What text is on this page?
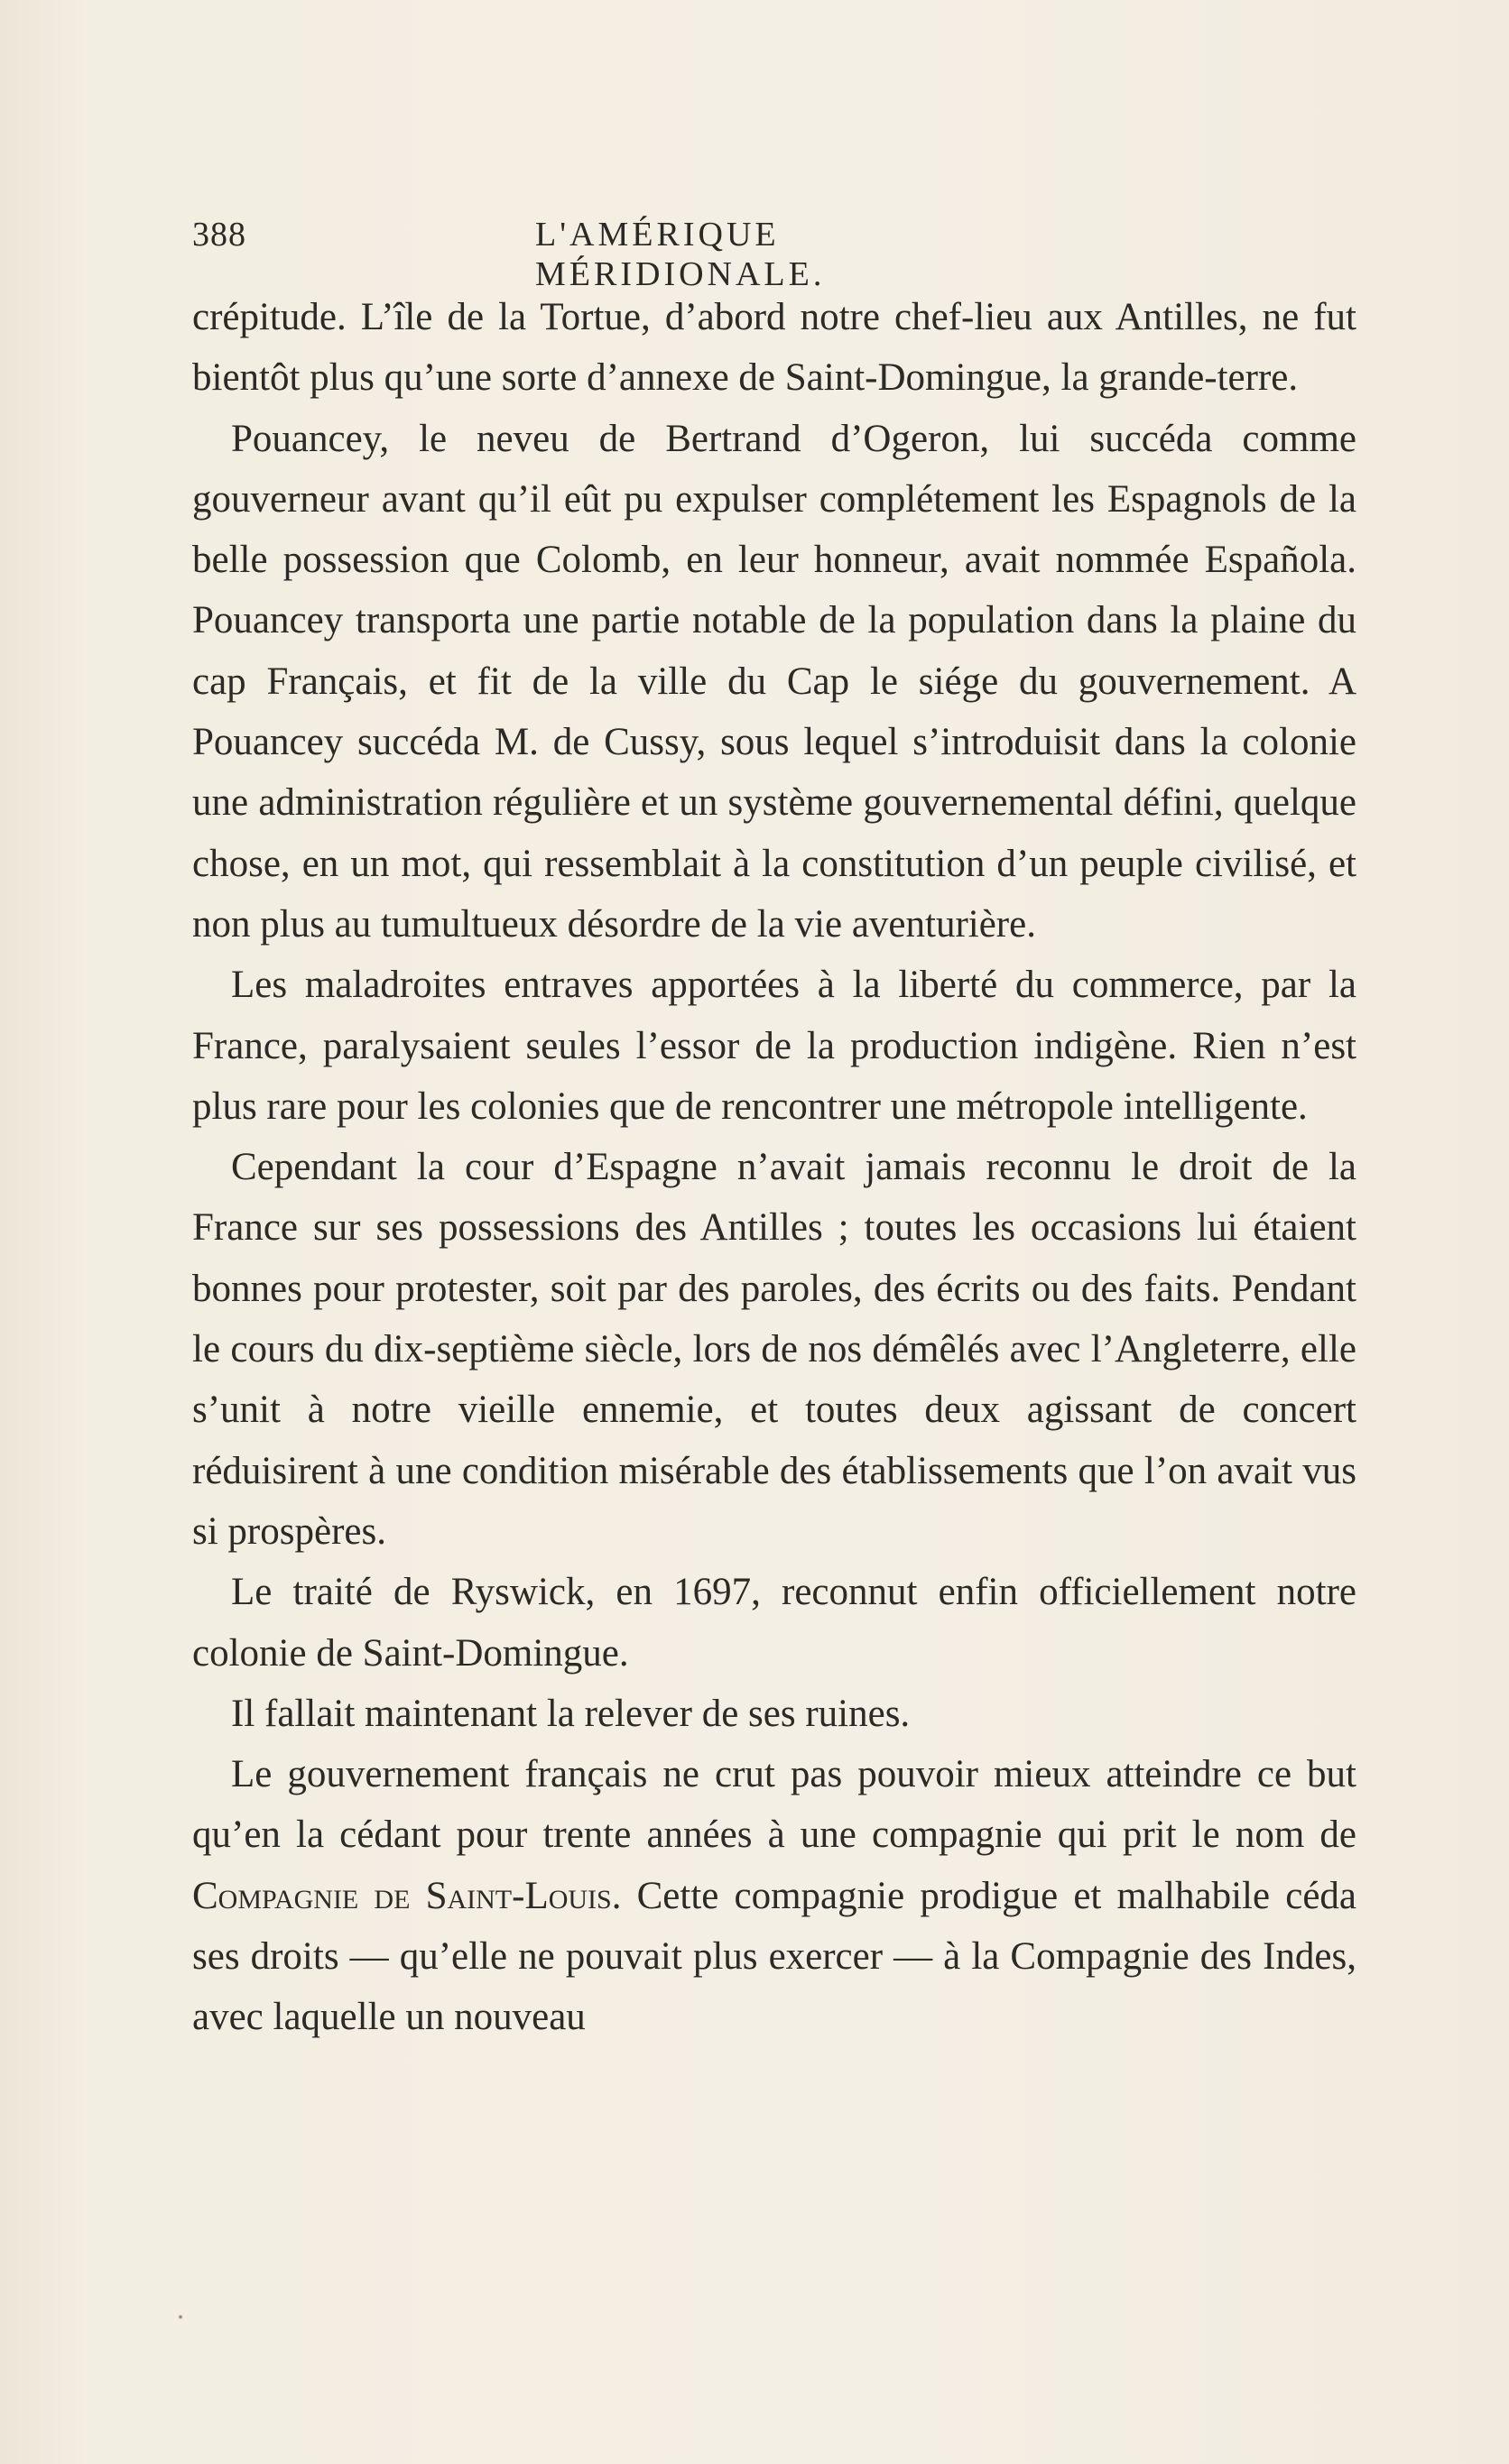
388	L'AMÉRIQUE MÉRIDIONALE.

crépitude. L’île de la Tortue, d’abord notre chef-lieu aux Antilles, ne fut bientôt plus qu’une sorte d’annexe de Saint-Domingue, la grande-terre.

Pouancey, le neveu de Bertrand d’Ogeron, lui succéda comme gouverneur avant qu’il eût pu expulser complétement les Espagnols de la belle possession que Colomb, en leur honneur, avait nommée Española. Pouancey transporta une partie notable de la population dans la plaine du cap Français, et fit de la ville du Cap le siége du gouvernement. A Pouancey succéda M. de Cussy, sous lequel s’introduisit dans la colonie une administration régulière et un système gouvernemental défini, quelque chose, en un mot, qui ressemblait à la constitution d’un peuple civilisé, et non plus au tumultueux désordre de la vie aventurière.

Les maladroites entraves apportées à la liberté du commerce, par la France, paralysaient seules l’essor de la production indigène. Rien n’est plus rare pour les colonies que de rencontrer une métropole intelligente.

Cependant la cour d’Espagne n’avait jamais reconnu le droit de la France sur ses possessions des Antilles ; toutes les occasions lui étaient bonnes pour protester, soit par des paroles, des écrits ou des faits. Pendant le cours du dix-septième siècle, lors de nos démêlés avec l’Angleterre, elle s’unit à notre vieille ennemie, et toutes deux agissant de concert réduisirent à une condition misérable des établissements que l’on avait vus si prospères.

Le traité de Ryswick, en 1697, reconnut enfin officiellement notre colonie de Saint-Domingue.

Il fallait maintenant la relever de ses ruines.

Le gouvernement français ne crut pas pouvoir mieux atteindre ce but qu’en la cédant pour trente années à une compagnie qui prit le nom de Compagnie de Saint-Louis. Cette compagnie prodigue et malhabile céda ses droits — qu’elle ne pouvait plus exercer — à la Compagnie des Indes, avec laquelle un nouveau
